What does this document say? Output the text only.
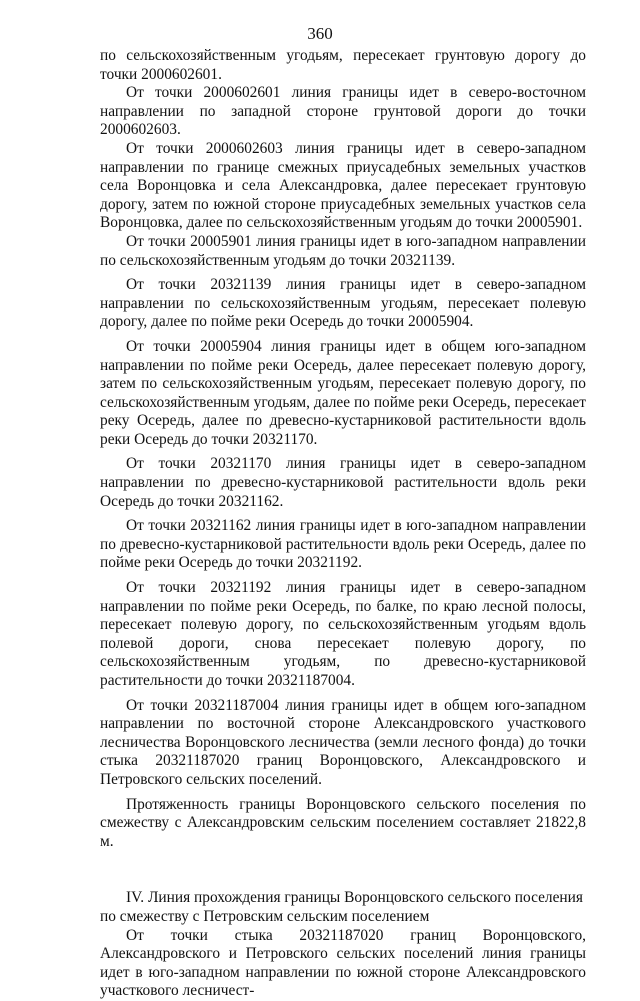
360

по сельскохозяйственным угодьям, пересекает грунтовую дорогу до точки 2000602601.

От точки 2000602601 линия границы идет в северо-восточном направлении по западной стороне грунтовой дороги до точки 2000602603.

От точки 2000602603 линия границы идет в северо-западном направлении по границе смежных приусадебных земельных участков села Воронцовка и села Александровка, далее пересекает грунтовую дорогу, затем по южной стороне приусадебных земельных участков села Воронцовка, далее по сельскохозяйственным угодьям до точки 20005901.

От точки 20005901 линия границы идет в юго-западном направлении по сельскохозяйственным угодьям до точки 20321139.

От точки 20321139 линия границы идет в северо-западном направлении по сельскохозяйственным угодьям, пересекает полевую дорогу, далее по пойме реки Осередь до точки 20005904.

От точки 20005904 линия границы идет в общем юго-западном направлении по пойме реки Осередь, далее пересекает полевую дорогу, затем по сельскохозяйственным угодьям, пересекает полевую дорогу, по сельскохозяйственным угодьям, далее по пойме реки Осередь, пересекает реку Осередь, далее по древесно-кустарниковой растительности вдоль реки Осередь до точки 20321170.

От точки 20321170 линия границы идет в северо-западном направлении по древесно-кустарниковой растительности вдоль реки Осередь до точки 20321162.

От точки 20321162 линия границы идет в юго-западном направлении по древесно-кустарниковой растительности вдоль реки Осередь, далее по пойме реки Осередь до точки 20321192.

От точки 20321192 линия границы идет в северо-западном направлении по пойме реки Осередь, по балке, по краю лесной полосы, пересекает полевую дорогу, по сельскохозяйственным угодьям вдоль полевой дороги, снова пересекает полевую дорогу, по сельскохозяйственным угодьям, по древесно-кустарниковой растительности до точки 20321187004.

От точки 20321187004 линия границы идет в общем юго-западном направлении по восточной стороне Александровского участкового лесничества Воронцовского лесничества (земли лесного фонда) до точки стыка 20321187020 границ Воронцовского, Александровского и Петровского сельских поселений.

Протяженность границы Воронцовского сельского поселения по смежеству с Александровским сельским поселением составляет 21822,8 м.

IV. Линия прохождения границы Воронцовского сельского поселения по смежеству с Петровским сельским поселением

От точки стыка 20321187020 границ Воронцовского, Александровского и Петровского сельских поселений линия границы идет в юго-западном направлении по южной стороне Александровского участкового лесничест-
